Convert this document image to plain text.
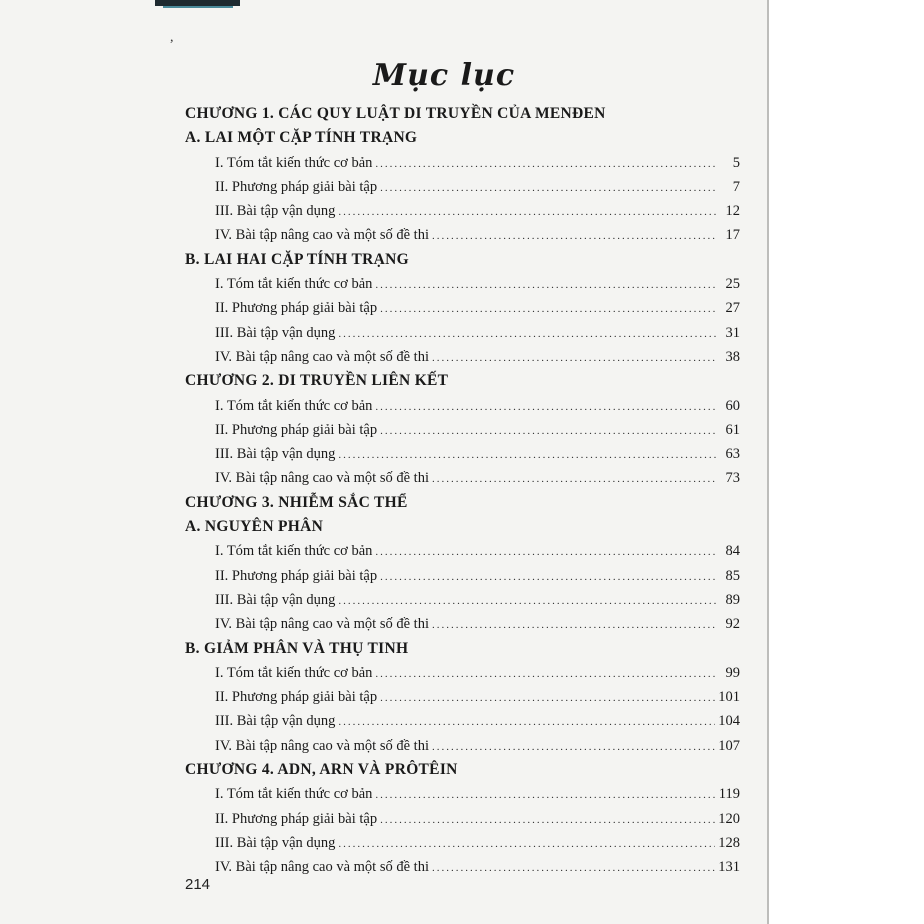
,
Mục lục
CHƯƠNG 1. CÁC QUY LUẬT DI TRUYỀN CỦA MENĐEN
A. LAI MỘT CẶP TÍNH TRẠNG
I. Tóm tắt kiến thức cơ bản .....	5
II. Phương pháp giải bài tập .....	7
III. Bài tập vận dụng .....	12
IV. Bài tập nâng cao và một số đề thi .....	17
B. LAI HAI CẶP TÍNH TRẠNG
I. Tóm tắt kiến thức cơ bản .....	25
II. Phương pháp giải bài tập .....	27
III. Bài tập vận dụng .....	31
IV. Bài tập nâng cao và một số đề thi .....	38
CHƯƠNG 2. DI TRUYỀN LIÊN KẾT
I. Tóm tắt kiến thức cơ bản .....	60
II. Phương pháp giải bài tập .....	61
III. Bài tập vận dụng .....	63
IV. Bài tập nâng cao và một số đề thi .....	73
CHƯƠNG 3. NHIỄM SẮC THỂ
A. NGUYÊN PHÂN
I. Tóm tắt kiến thức cơ bản .....	84
II. Phương pháp giải bài tập .....	85
III. Bài tập vận dụng .....	89
IV. Bài tập nâng cao và một số đề thi .....	92
B. GIẢM PHÂN VÀ THỤ TINH
I. Tóm tắt kiến thức cơ bản .....	99
II. Phương pháp giải bài tập .....	101
III. Bài tập vận dụng .....	104
IV. Bài tập nâng cao và một số đề thi .....	107
CHƯƠNG 4. ADN, ARN VÀ PRÔTÊIN
I. Tóm tắt kiến thức cơ bản .....	119
II. Phương pháp giải bài tập .....	120
III. Bài tập vận dụng .....	128
IV. Bài tập nâng cao và một số đề thi .....	131
214
